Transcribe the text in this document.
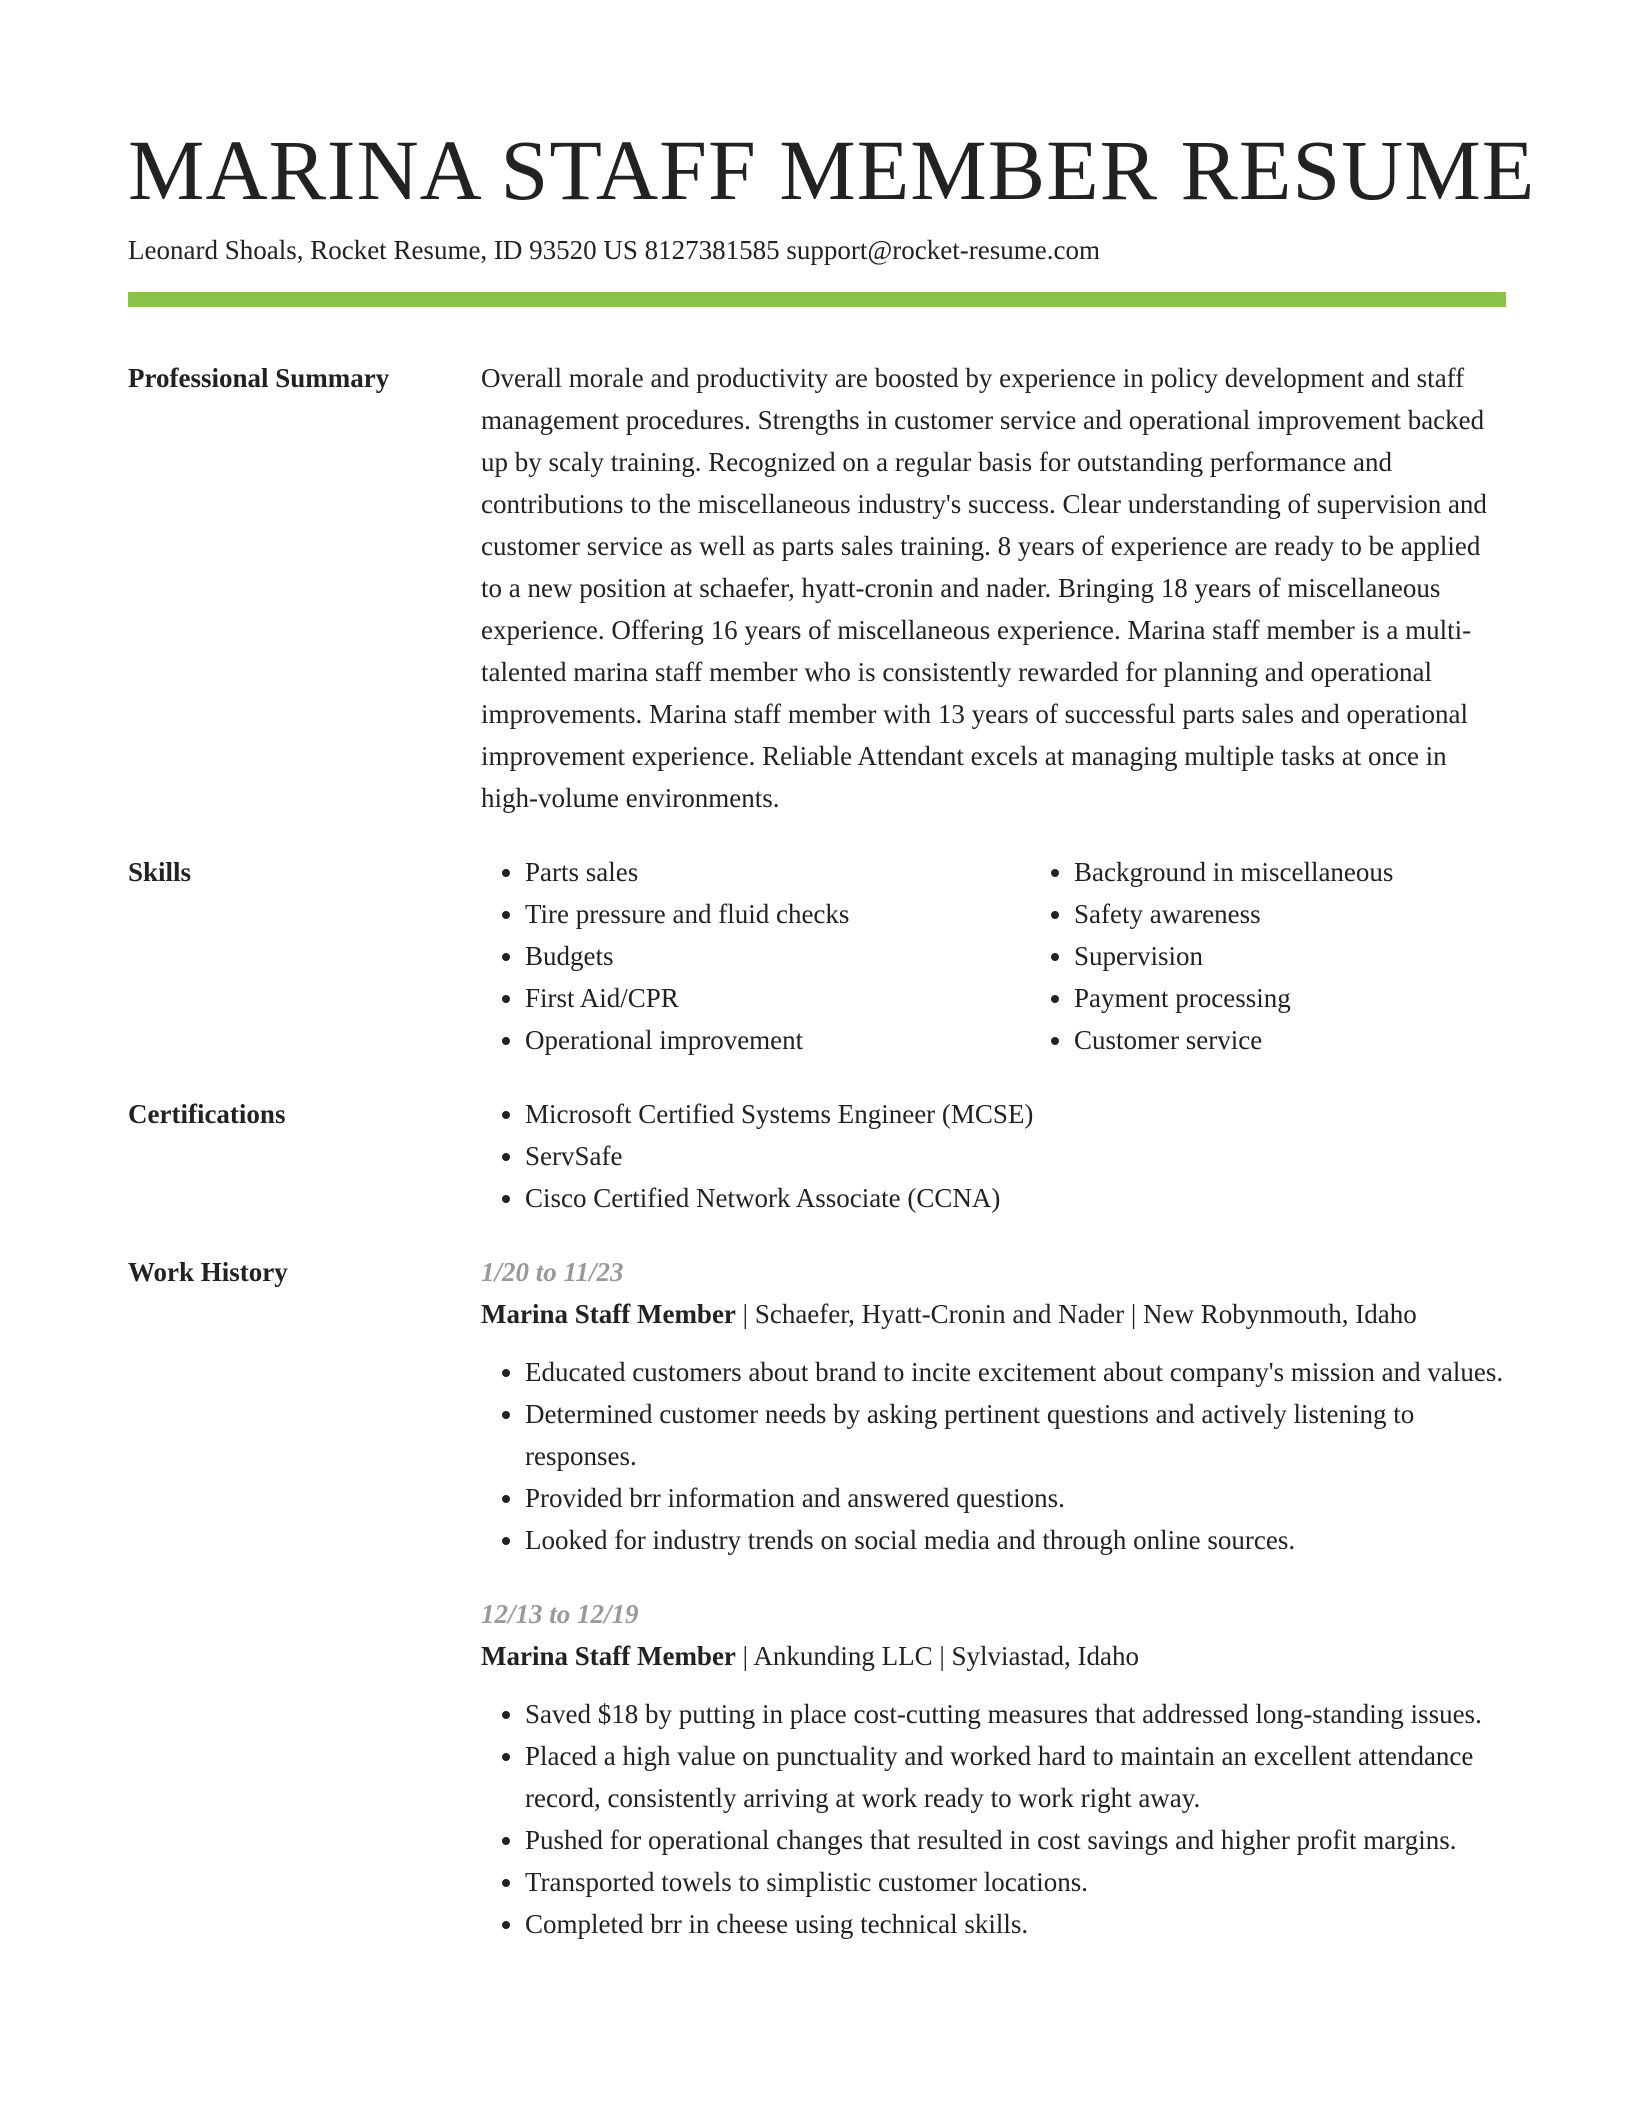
MARINA STAFF MEMBER RESUME
Leonard Shoals, Rocket Resume, ID 93520 US 8127381585 support@rocket-resume.com
Professional Summary	Overall morale and productivity are boosted by experience in policy development and staff management procedures. Strengths in customer service and operational improvement backed up by scaly training. Recognized on a regular basis for outstanding performance and contributions to the miscellaneous industry's success. Clear understanding of supervision and customer service as well as parts sales training. 8 years of experience are ready to be applied to a new position at schaefer, hyatt-cronin and nader. Bringing 18 years of miscellaneous experience. Offering 16 years of miscellaneous experience. Marina staff member is a multi-talented marina staff member who is consistently rewarded for planning and operational improvements. Marina staff member with 13 years of successful parts sales and operational improvement experience. Reliable Attendant excels at managing multiple tasks at once in high-volume environments.
Skills	• Parts sales
• Tire pressure and fluid checks
• Budgets
• First Aid/CPR
• Operational improvement
• Background in miscellaneous
• Safety awareness
• Supervision
• Payment processing
• Customer service
Certifications	• Microsoft Certified Systems Engineer (MCSE)
• ServSafe
• Cisco Certified Network Associate (CCNA)
Work History	1/20 to 11/23
Marina Staff Member | Schaefer, Hyatt-Cronin and Nader | New Robynmouth, Idaho
• Educated customers about brand to incite excitement about company's mission and values.
• Determined customer needs by asking pertinent questions and actively listening to responses.
• Provided brr information and answered questions.
• Looked for industry trends on social media and through online sources.
12/13 to 12/19
Marina Staff Member | Ankunding LLC | Sylviastad, Idaho
• Saved $18 by putting in place cost-cutting measures that addressed long-standing issues.
• Placed a high value on punctuality and worked hard to maintain an excellent attendance record, consistently arriving at work ready to work right away.
• Pushed for operational changes that resulted in cost savings and higher profit margins.
• Transported towels to simplistic customer locations.
• Completed brr in cheese using technical skills.
